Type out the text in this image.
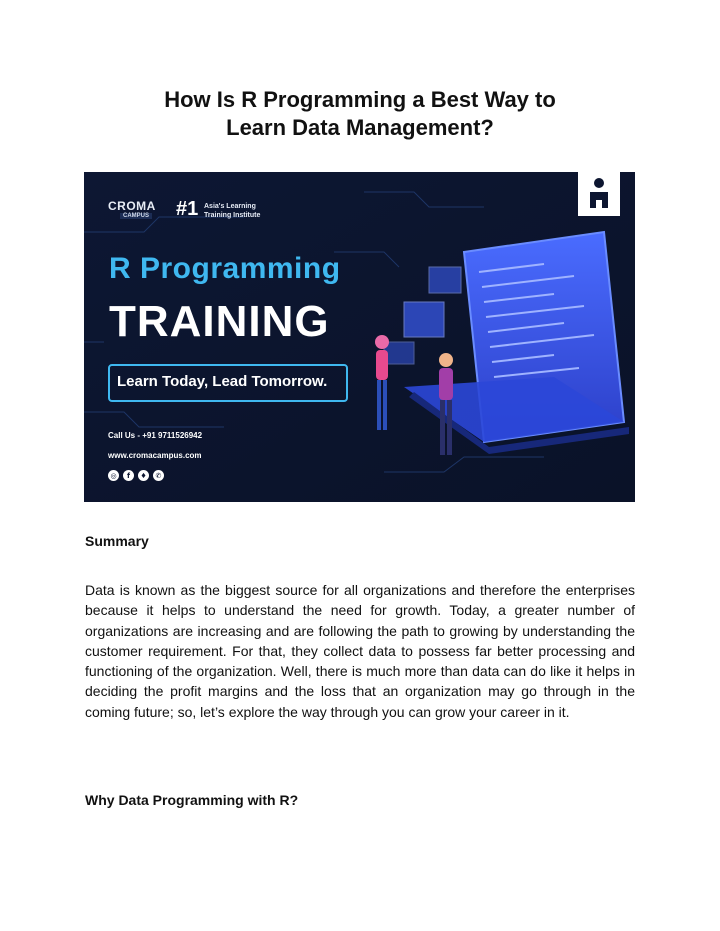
How Is R Programming a Best Way to
Learn Data Management?
CROMA
CAMPUS #1 Asia's Learning
Training Institute
R Programming
TRAINING
Learn Today, Lead Tomorrow.
Call Us - +91 9711526942
www.cromacampus.com
◎	f	♦	✆
Summary
Data is known as the biggest source for all organizations and therefore the enterprises because it helps to understand the need for growth. Today, a greater number of organizations are increasing and are following the path to growing by understanding the customer requirement. For that, they collect data to possess far better processing and functioning of the organization. Well, there is much more than data can do like it helps in deciding the profit margins and the loss that an organization may go through in the coming future; so, let’s explore the way through you can grow your career in it.
Why Data Programming with R?
